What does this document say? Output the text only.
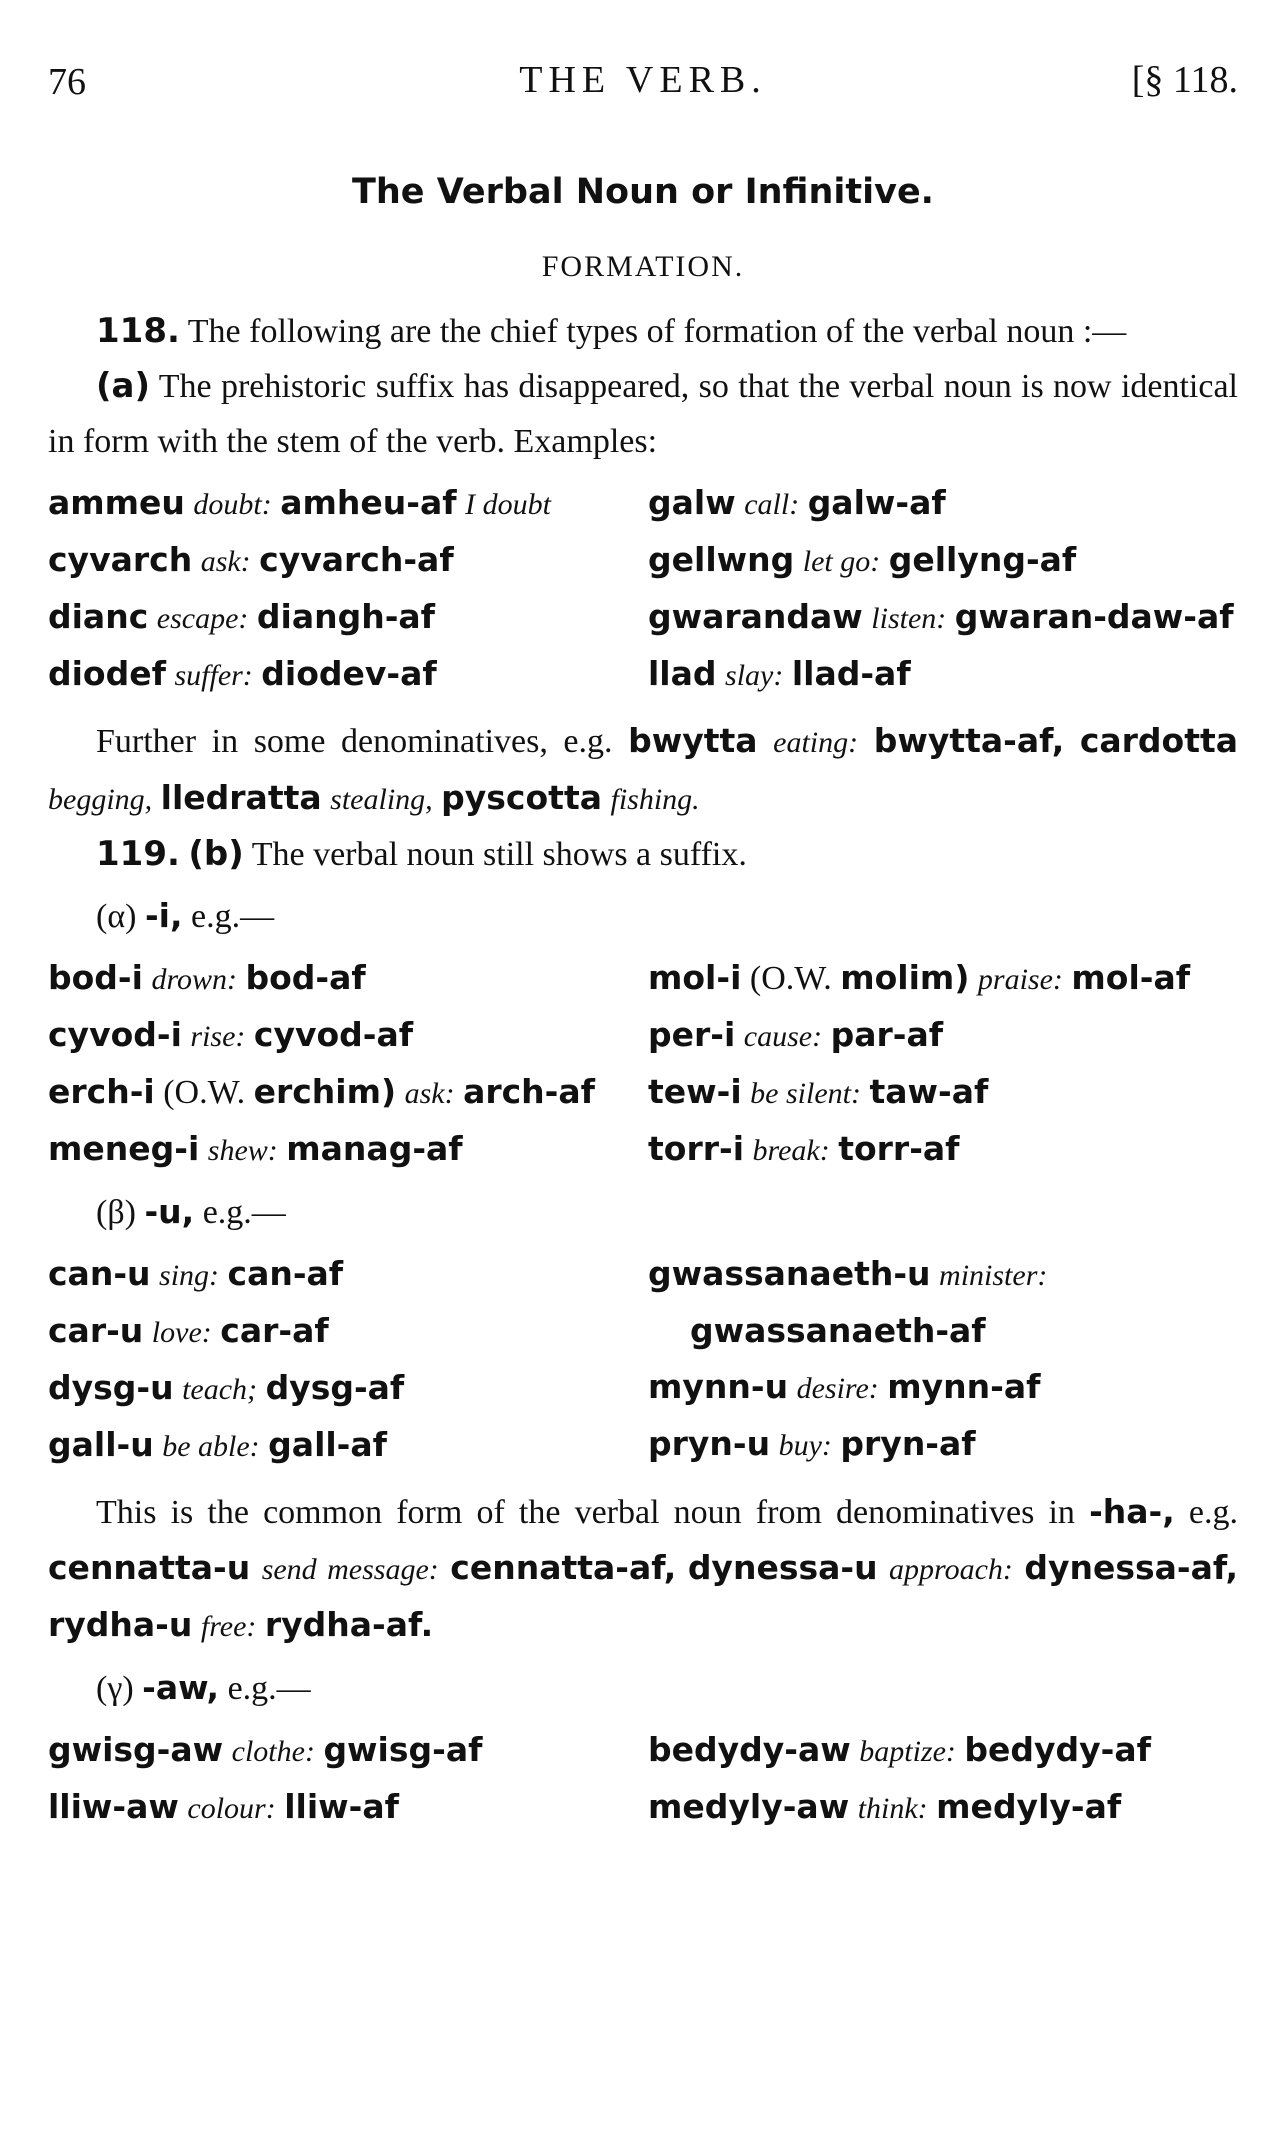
76	THE VERB.	[§ 118.
The Verbal Noun or Infinitive.
FORMATION.

118. The following are the chief types of formation of the verbal noun :—

(a) The prehistoric suffix has disappeared, so that the verbal noun is now identical in form with the stem of the verb. Examples:

ammeu doubt: amheu-af I doubt
cyvarch ask: cyvarch-af
dianc escape: diangh-af
diodef suffer: diodev-af
galw call: galw-af
gellwng let go: gellyng-af
gwarandaw listen: gwaran-daw-af
llad slay: llad-af

Further in some denominatives, e.g. bwytta eating: bwytta-af, cardotta begging, lledratta stealing, pyscotta fishing.

119. (b) The verbal noun still shows a suffix.

(α) -i, e.g.—
bod-i drown: bod-af
cyvod-i rise: cyvod-af
erch-i (O.W. erchim) ask: arch-af
meneg-i shew: manag-af
mol-i (O.W. molim) praise: mol-af
per-i cause: par-af
tew-i be silent: taw-af
torr-i break: torr-af
(β) -u, e.g.—
can-u sing: can-af
car-u love: car-af
dysg-u teach; dysg-af
gall-u be able: gall-af
gwassanaeth-u minister: gwassanaeth-af
mynn-u desire: mynn-af
pryn-u buy: pryn-af

This is the common form of the verbal noun from denominatives in -ha-, e.g. cennatta-u send message: cennatta-af, dynessa-u approach: dynessa-af, rydha-u free: rydha-af.

(γ) -aw, e.g.—
gwisg-aw clothe: gwisg-af
lliw-aw colour: lliw-af
bedydy-aw baptize: bedydy-af
medyly-aw think: medyly-af
